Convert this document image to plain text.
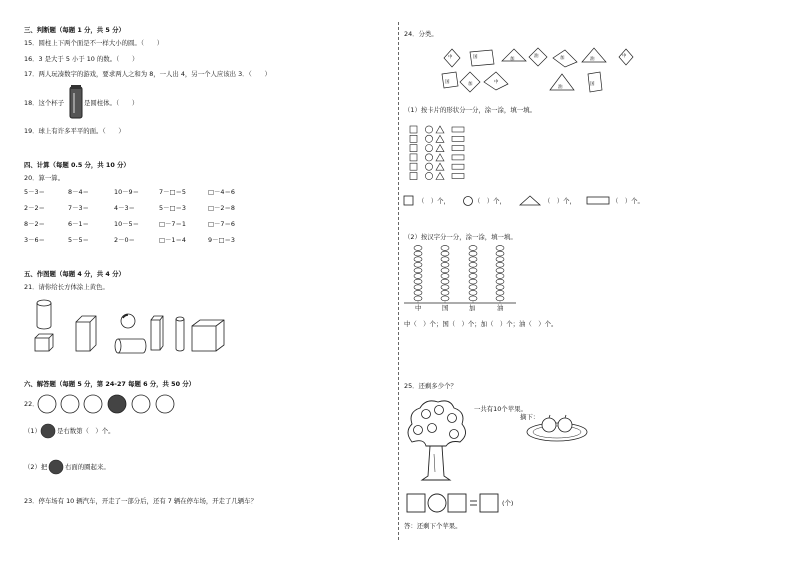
三、判断题（每题 1 分，共 5 分）
15．圆柱上下两个面是不一样大小的圆。（　　）
16．3 是大于 5 小于 10 的数。（　　）
17．两人玩凑数字的游戏，要求两人之和为 8，一人出 4，另一个人应该出 3．（　　）
18．这个杯子	是圆柱体。（　　）
19．球上有许多平平的面。（　　）
四、计算（每题 0.5 分，共 10 分）
20．算一算。
5－3＝	8－4＝	10－9＝	7－□＝5	□－4＝6
2－2＝	7－3＝	4－3＝	5－□＝3	□－2＝8
8－2＝	6－1＝	10－5＝	□－7＝1	□－7＝6
3－6＝	5－5＝	2－0＝	□－1＝4	9－□＝3
五、作图题（每题 4 分，共 4 分）
21．请你给长方体涂上黄色。
六、解答题（每题 5 分，第 24-27 每题 6 分，共 50 分）
22．
（1）	是右数第（　）个。
（2）把	右面的圈起来。
23．停车场有 10 辆汽车，开走了一部分后，还有 7 辆在停车场，开走了几辆车？
24．分类。
中	国	加
油	加	油
中
国	加	中
油
国
（1）按卡片的形状分一分，涂一涂，填一填。
（　）个，	（　）个，	（　）个，	（　）个。
（2）按汉字分一分，涂一涂，填一填。
中	国	加	油
中（　）个；国（　）个；加（　）个；油（　）个。
25．还剩多少个？
一共有10个苹果。
摘下：
(个)
答：还剩下个苹果。
